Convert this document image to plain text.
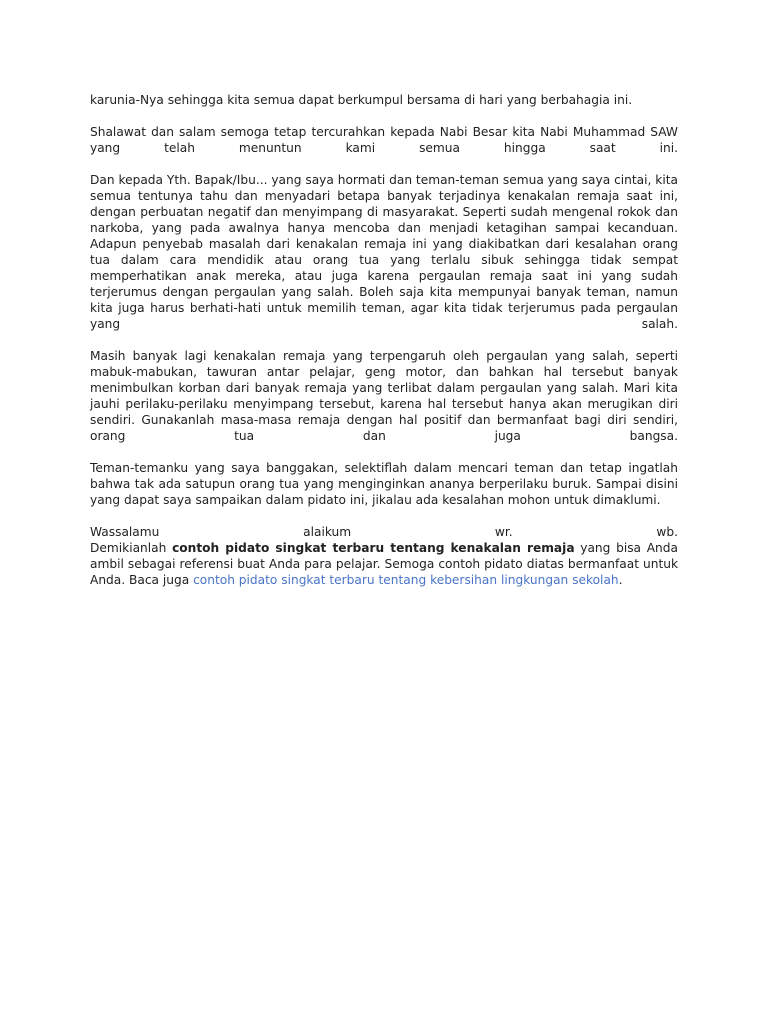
karunia-Nya sehingga kita semua dapat berkumpul bersama di hari yang berbahagia ini.

Shalawat dan salam semoga tetap tercurahkan kepada Nabi Besar kita Nabi Muhammad SAW yang telah menuntun kami semua hingga saat ini.

Dan kepada Yth. Bapak/Ibu... yang saya hormati dan teman-teman semua yang saya cintai, kita semua tentunya tahu dan menyadari betapa banyak terjadinya kenakalan remaja saat ini, dengan perbuatan negatif dan menyimpang di masyarakat. Seperti sudah mengenal rokok dan narkoba, yang pada awalnya hanya mencoba dan menjadi ketagihan sampai kecanduan. Adapun penyebab masalah dari kenakalan remaja ini yang diakibatkan dari kesalahan orang tua dalam cara mendidik atau orang tua yang terlalu sibuk sehingga tidak sempat memperhatikan anak mereka, atau juga karena pergaulan remaja saat ini yang sudah terjerumus dengan pergaulan yang salah. Boleh saja kita mempunyai banyak teman, namun kita juga harus berhati-hati untuk memilih teman, agar kita tidak terjerumus pada pergaulan yang salah.

Masih banyak lagi kenakalan remaja yang terpengaruh oleh pergaulan yang salah, seperti mabuk-mabukan, tawuran antar pelajar, geng motor, dan bahkan hal tersebut banyak menimbulkan korban dari banyak remaja yang terlibat dalam pergaulan yang salah. Mari kita jauhi perilaku-perilaku menyimpang tersebut, karena hal tersebut hanya akan merugikan diri sendiri. Gunakanlah masa-masa remaja dengan hal positif dan bermanfaat bagi diri sendiri, orang tua dan juga bangsa.

Teman-temanku yang saya banggakan, selektiflah dalam mencari teman dan tetap ingatlah bahwa tak ada satupun orang tua yang menginginkan ananya berperilaku buruk. Sampai disini yang dapat saya sampaikan dalam pidato ini, jikalau ada kesalahan mohon untuk dimaklumi.

Wassalamu alaikum wr. wb.

Demikianlah contoh pidato singkat terbaru tentang kenakalan remaja yang bisa Anda ambil sebagai referensi buat Anda para pelajar. Semoga contoh pidato diatas bermanfaat untuk Anda. Baca juga contoh pidato singkat terbaru tentang kebersihan lingkungan sekolah.
